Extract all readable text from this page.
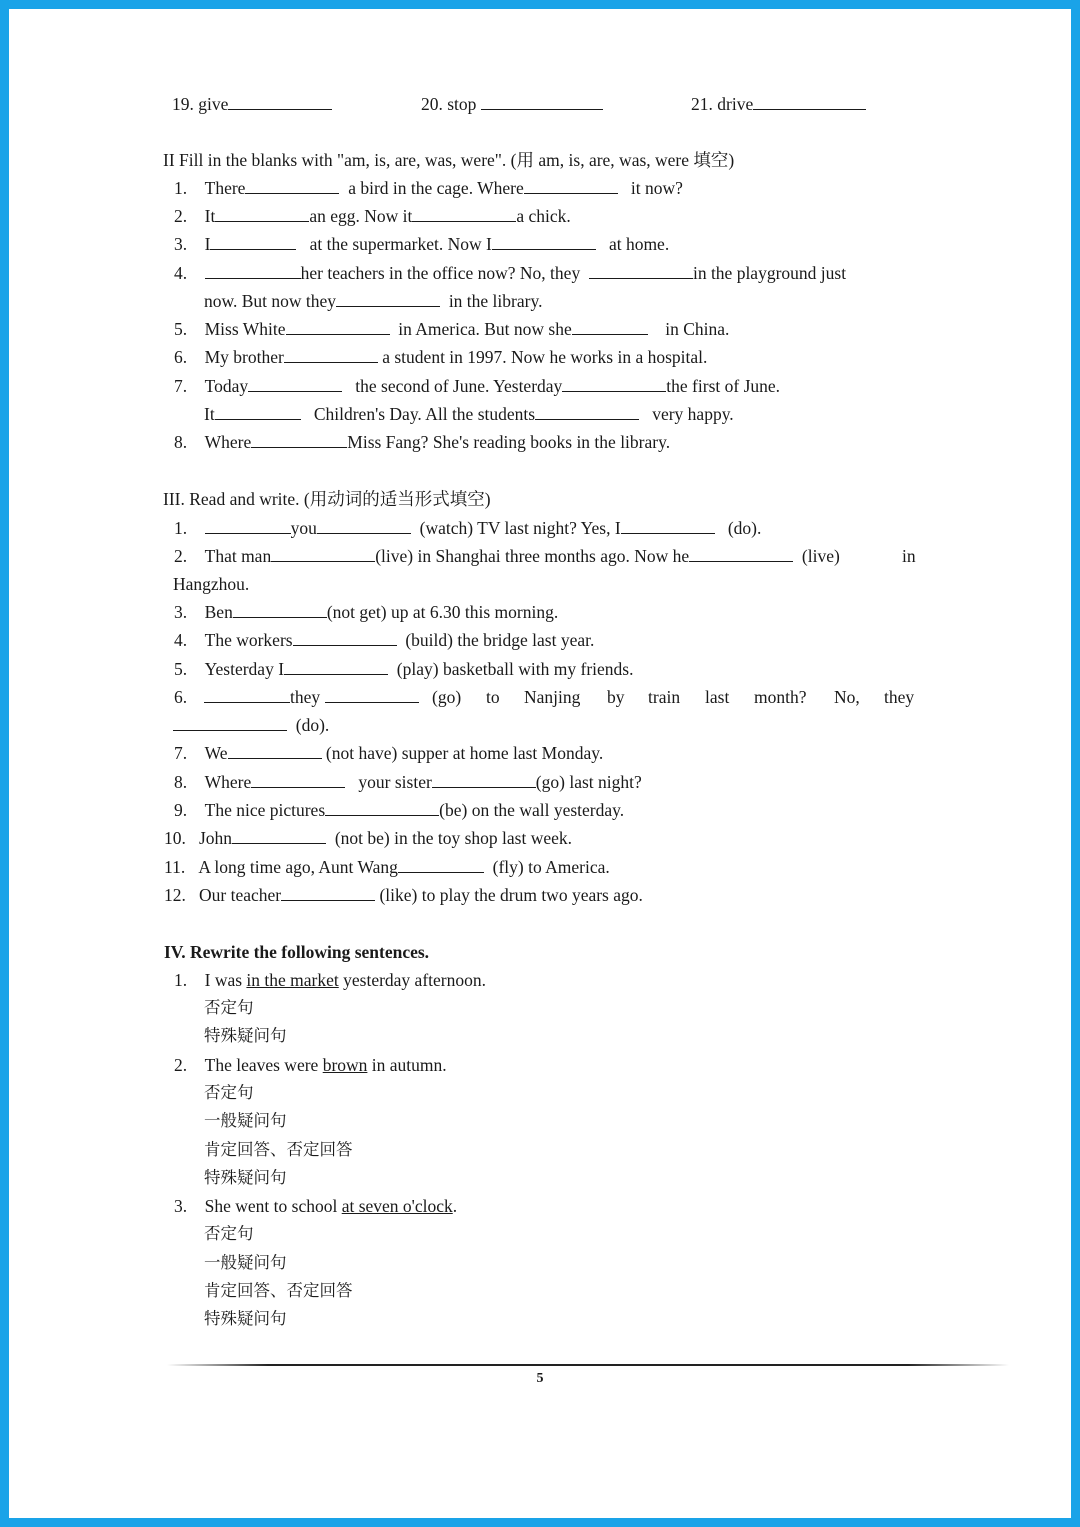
19. give	20. stop	21. drive
II Fill in the blanks with "am, is, are, was, were". (用 am, is, are, was, were 填空)
1. There	a bird in the cage. Where	it now?
2. It	an egg. Now it	a chick.
3. I	at the supermarket. Now I	at home.
4.	her teachers in the office now? No, they	in the playground just
now. But now they	in the library.
5. Miss White	in America. But now she	in China.
6. My brother	a student in 1997. Now he works in a hospital.
7. Today	the second of June. Yesterday	the first of June.
It	Children's Day. All the students	very happy.
8. Where	Miss Fang? She's reading books in the library.
III. Read and write. (用动词的适当形式填空)
1.	you	(watch) TV last night? Yes, I	(do).
2. That man	(live) in Shanghai three months ago. Now he	(live)	in
Hangzhou.
3. Ben	(not get) up at 6.30 this morning.
4. The workers	(build) the bridge last year.
5. Yesterday I	(play) basketball with my friends.
6.	they	(go) to Nanjing by train last month? No, they
(do).
7. We	(not have) supper at home last Monday.
8. Where	your sister	(go) last night?
9. The nice pictures	(be) on the wall yesterday.
10. John	(not be) in the toy shop last week.
11. A long time ago, Aunt Wang	(fly) to America.
12. Our teacher	(like) to play the drum two years ago.
IV. Rewrite the following sentences.
1. I was in the market yesterday afternoon.
否定句
特殊疑问句
2. The leaves were brown in autumn.
否定句
一般疑问句
肯定回答、否定回答
特殊疑问句
3. She went to school at seven o'clock.
否定句
一般疑问句
肯定回答、否定回答
特殊疑问句
5
